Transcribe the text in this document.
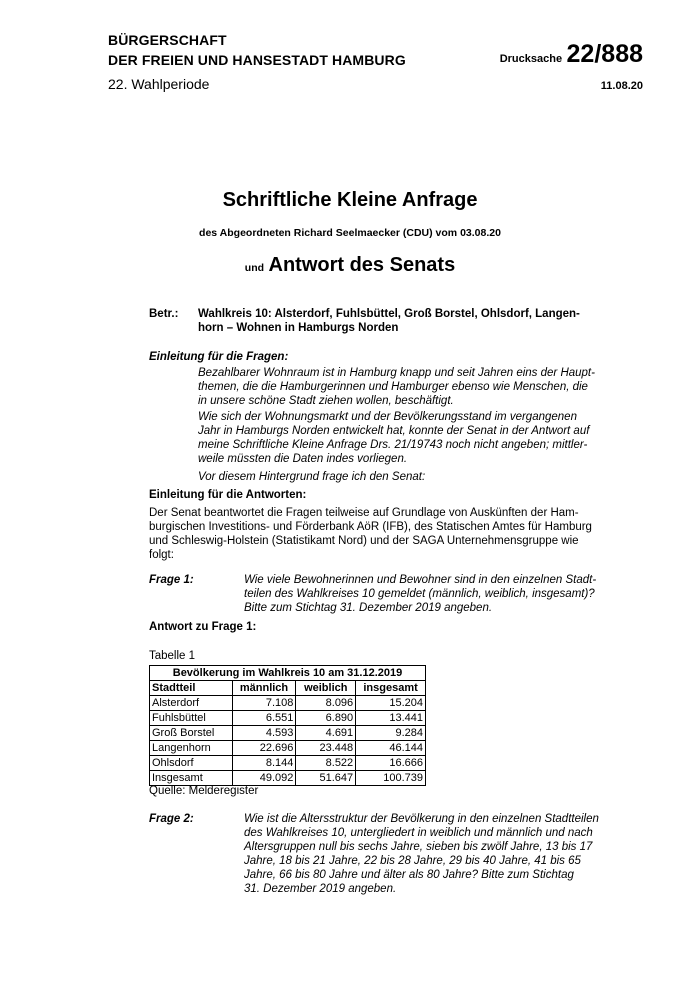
BÜRGERSCHAFT
DER FREIEN UND HANSESTADT HAMBURG
22. Wahlperiode
Drucksache 22/888
11.08.20
Schriftliche Kleine Anfrage
des Abgeordneten Richard Seelmaecker (CDU) vom 03.08.20
und Antwort des Senats
Betr.: Wahlkreis 10: Alsterdorf, Fuhlsbüttel, Groß Borstel, Ohlsdorf, Langen-
horn – Wohnen in Hamburgs Norden
Einleitung für die Fragen:
Bezahlbarer Wohnraum ist in Hamburg knapp und seit Jahren eins der Haupt-
themen, die die Hamburgerinnen und Hamburger ebenso wie Menschen, die
in unsere schöne Stadt ziehen wollen, beschäftigt.
Wie sich der Wohnungsmarkt und der Bevölkerungsstand im vergangenen
Jahr in Hamburgs Norden entwickelt hat, konnte der Senat in der Antwort auf
meine Schriftliche Kleine Anfrage Drs. 21/19743 noch nicht angeben; mittler-
weile müssten die Daten indes vorliegen.
Vor diesem Hintergrund frage ich den Senat:
Einleitung für die Antworten:
Der Senat beantwortet die Fragen teilweise auf Grundlage von Auskünften der Ham-
burgischen Investitions- und Förderbank AöR (IFB), des Statischen Amtes für Hamburg
und Schleswig-Holstein (Statistikamt Nord) und der SAGA Unternehmensgruppe wie
folgt:
Frage 1:	Wie viele Bewohnerinnen und Bewohner sind in den einzelnen Stadt-
teilen des Wahlkreises 10 gemeldet (männlich, weiblich, insgesamt)?
Bitte zum Stichtag 31. Dezember 2019 angeben.
Antwort zu Frage 1:
Tabelle 1
Bevölkerung im Wahlkreis 10 am 31.12.2019			
Stadtteil	männlich	weiblich	insgesamt
Alsterdorf	7.108	8.096	15.204
Fuhlsbüttel	6.551	6.890	13.441
Groß Borstel	4.593	4.691	9.284
Langenhorn	22.696	23.448	46.144
Ohlsdorf	8.144	8.522	16.666
Insgesamt	49.092	51.647	100.739
Quelle: Melderegister
Frage 2:	Wie ist die Altersstruktur der Bevölkerung in den einzelnen Stadtteilen
des Wahlkreises 10, untergliedert in weiblich und männlich und nach
Altersgruppen null bis sechs Jahre, sieben bis zwölf Jahre, 13 bis 17
Jahre, 18 bis 21 Jahre, 22 bis 28 Jahre, 29 bis 40 Jahre, 41 bis 65
Jahre, 66 bis 80 Jahre und älter als 80 Jahre? Bitte zum Stichtag
31. Dezember 2019 angeben.
